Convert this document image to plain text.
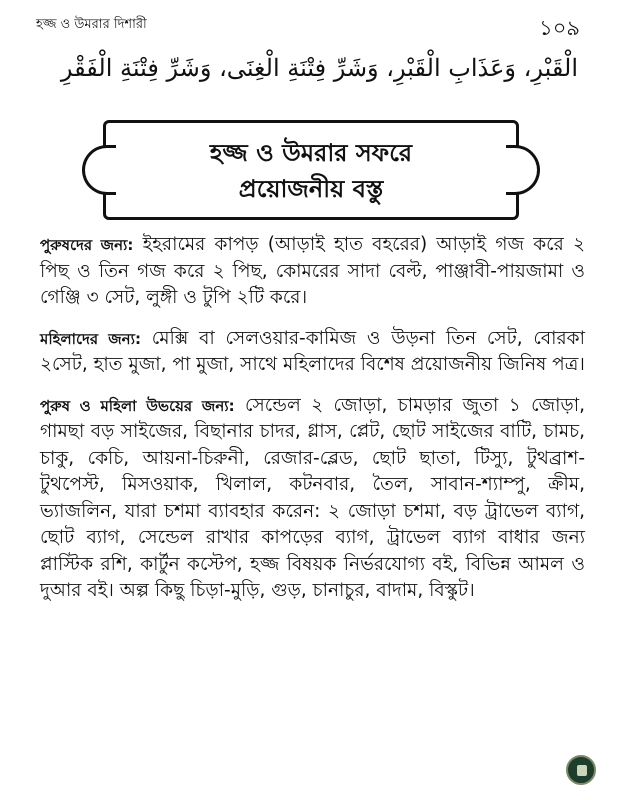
হজ্জ ও উমরার দিশারী	১০৯
الْقَبْرِ، وَعَذَابِ الْقَبْرِ، وَشَرِّ فِتْنَةِ الْغِنَى، وَشَرِّ فِتْنَةِ الْفَقْرِ
হজ্জ ও উমরার সফরে
প্রয়োজনীয় বস্তু

পুরুষদের জন্য: ইহরামের কাপড় (আড়াই হাত বহরের) আড়াই গজ করে ২ পিছ ও তিন গজ করে ২ পিছ, কোমরের সাদা বেল্ট, পাঞ্জাবী-পায়জামা ও গেঞ্জি ৩ সেট, লুঙ্গী ও টুপি ২টি করে।

মহিলাদের জন্য: মেক্সি বা সেলওয়ার-কামিজ ও উড়না তিন সেট, বোরকা ২সেট, হাত মুজা, পা মুজা, সাথে মহিলাদের বিশেষ প্রয়োজনীয় জিনিষ পত্র।

পুরুষ ও মহিলা উভয়ের জন্য: সেন্ডেল ২ জোড়া, চামড়ার জুতা ১ জোড়া, গামছা বড় সাইজের, বিছানার চাদর, গ্লাস, প্লেট, ছোট সাইজের বাটি, চামচ, চাকু, কেচি, আয়না-চিরুনী, রেজার-ব্লেড, ছোট ছাতা, টিস্যু, টুথব্রাশ-টুথপেস্ট, মিসওয়াক, খিলাল, কটনবার, তৈল, সাবান-শ্যাম্পু, ক্রীম, ভ্যাজলিন, যারা চশমা ব্যাবহার করেন: ২ জোড়া চশমা, বড় ট্রাভেল ব্যাগ, ছোট ব্যাগ, সেন্ডেল রাখার কাপড়ের ব্যাগ, ট্রাভেল ব্যাগ বাধার জন্য প্লাস্টিক রশি, কার্টুন কস্টেপ, হজ্জ বিষয়ক নির্ভরযোগ্য বই, বিভিন্ন আমল ও দুআর বই। অল্প কিছু চিড়া-মুড়ি, গুড়, চানাচুর, বাদাম, বিস্কুট।
